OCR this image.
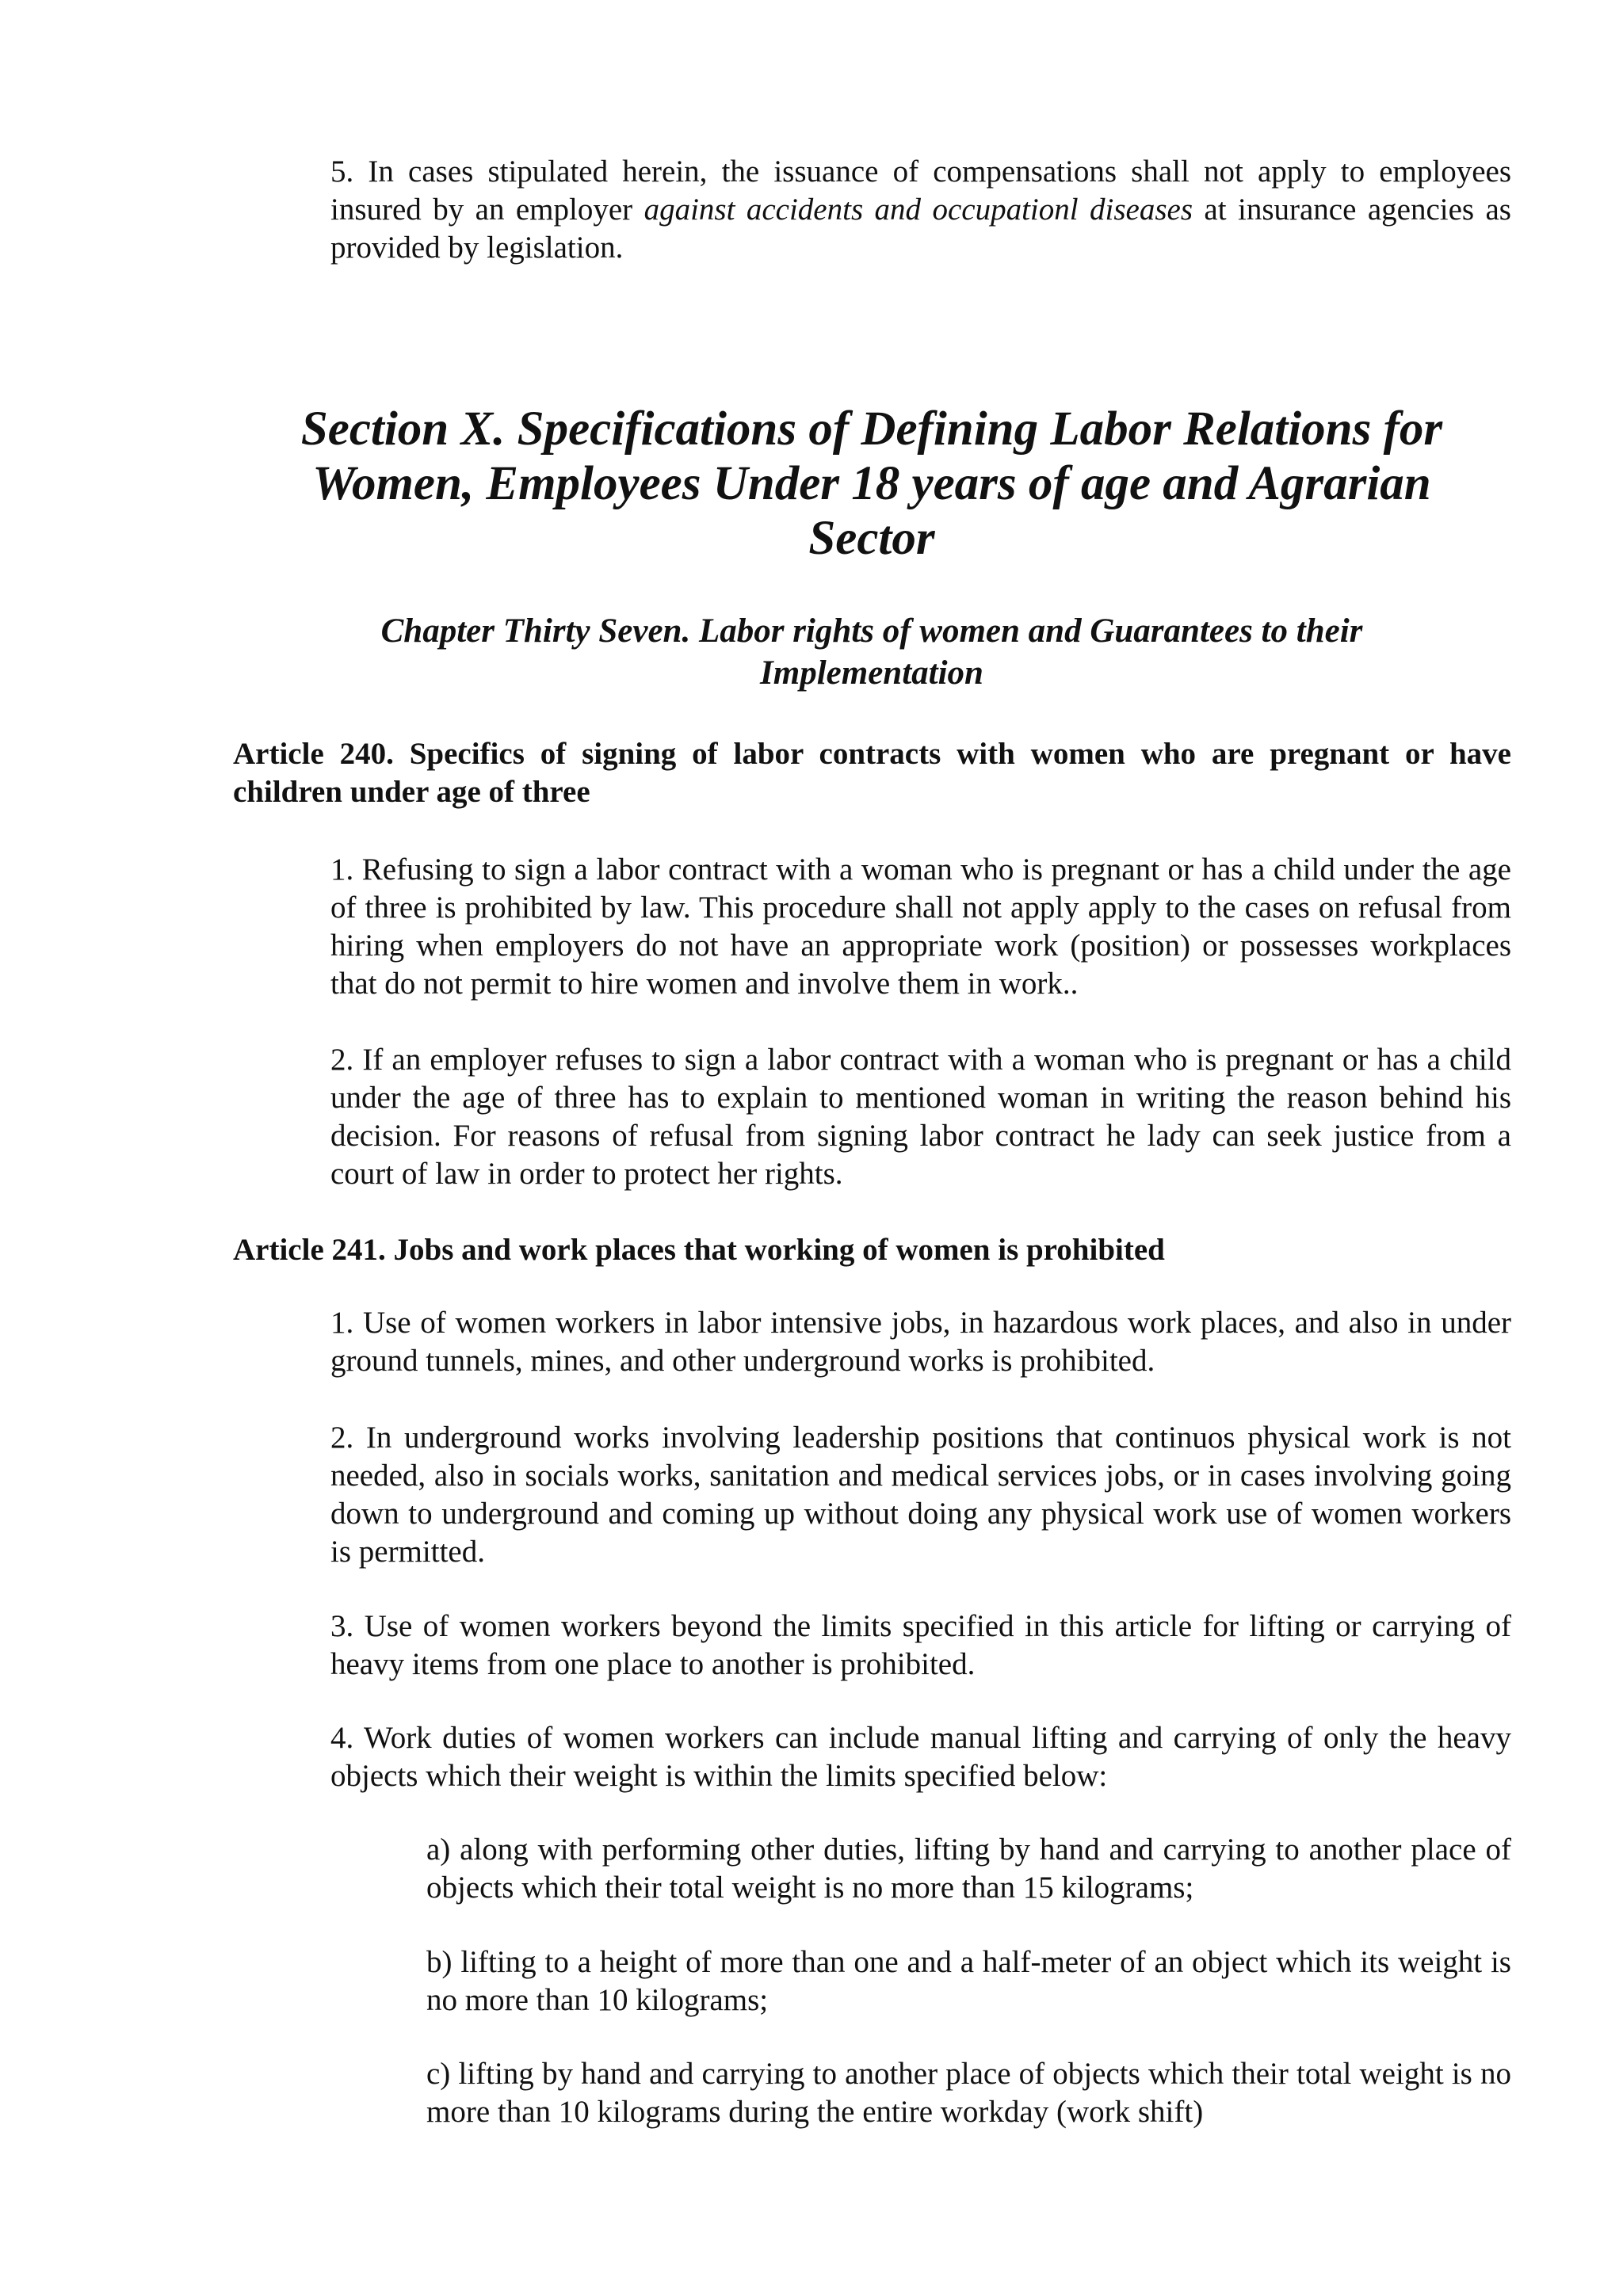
5. In cases stipulated herein, the issuance of compensations shall not apply to employees insured by an employer against accidents and occupationl diseases at insurance agencies as provided by legislation.

Section X. Specifications of Defining Labor Relations for
Women, Employees Under 18 years of age and Agrarian
Sector
Chapter Thirty Seven. Labor rights of women and Guarantees to their
Implementation
Article 240. Specifics of signing of labor contracts with women who are pregnant or have children under age of three

1. Refusing to sign a labor contract with a woman who is pregnant or has a child under the age of three is prohibited by law. This procedure shall not apply apply to the cases on refusal from hiring when employers do not have an appropriate work (position) or possesses workplaces that do not permit to hire women and involve them in work..

2. If an employer refuses to sign a labor contract with a woman who is pregnant or has a child under the age of three has to explain to mentioned woman in writing the reason behind his decision. For reasons of refusal from signing labor contract he lady can seek justice from a court of law in order to protect her rights.

Article 241. Jobs and work places that working of women is prohibited

1. Use of women workers in labor intensive jobs, in hazardous work places, and also in under ground tunnels, mines, and other underground works is prohibited.

2. In underground works involving leadership positions that continuos physical work is not needed, also in socials works, sanitation and medical services jobs, or in cases involving going down to underground and coming up without doing any physical work use of women workers is permitted.

3. Use of women workers beyond the limits specified in this article for lifting or carrying of heavy items from one place to another is prohibited.

4. Work duties of women workers can include manual lifting and carrying of only the heavy objects which their weight is within the limits specified below:

a) along with performing other duties, lifting by hand and carrying to another place of objects which their total weight is no more than 15 kilograms;

b) lifting to a height of more than one and a half-meter of an object which its weight is no more than 10 kilograms;

c) lifting by hand and carrying to another place of objects which their total weight is no more than 10 kilograms during the entire workday (work shift)
